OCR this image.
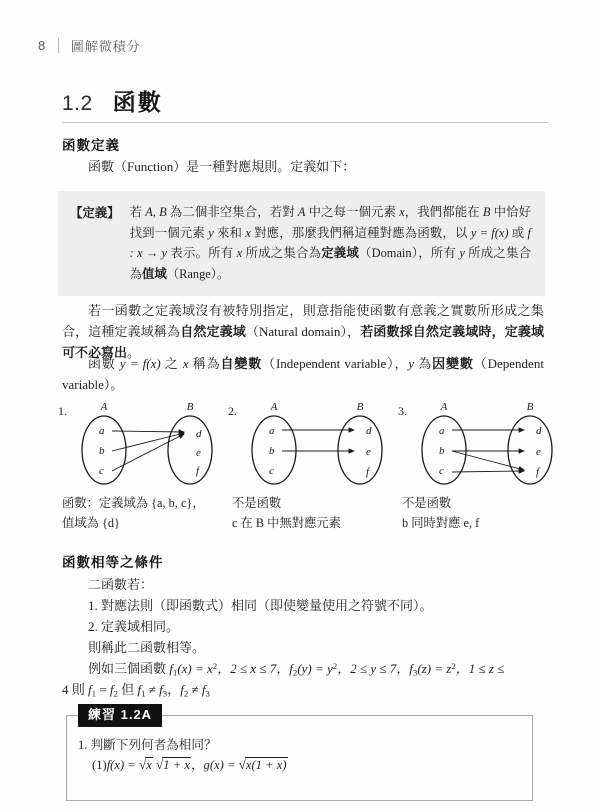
8 圖解微積分
1.2 函數
函數定義
函數（Function）是一種對應規則。定義如下：
【定義】 若 A, B 為二個非空集合，若對 A 中之每一個元素 x，我們都能在 B 中恰好找到一個元素 y 來和 x 對應，那麼我們稱這種對應為函數，以 y = f(x) 或 f : x → y 表示。所有 x 所成之集合為定義域（Domain），所有 y 所成之集合為值域（Range）。
若一函數之定義域沒有被特別指定，則意指能使函數有意義之實數所形成之集合，這種定義域稱為自然定義域（Natural domain），若函數採自然定義域時，定義域可不必寫出。
函數 y = f(x) 之 x 稱為自變數（Independent variable），y 為因變數（Dependent variable）。
1.	A	B
a
b
c
d
e
f
2.	A	B
a
b
c
d
e
f
3.	A	B
a
b
c
d
e
f
函數：定義域為 {a, b, c}，
值域為 {d}
不是函數
c 在 B 中無對應元素
不是函數
b 同時對應 e, f
函數相等之條件
二函數若：
1. 對應法則（即函數式）相同（即使變量使用之符號不同）。
2. 定義域相同。
則稱此二函數相等。
例如三個函數 $f_1(x) = x^2$，2 ≤ x ≤ 7，$f_2(y) = y^2$，2 ≤ y ≤ 7，$f_3(z) = z^2$，1 ≤ z ≤
4 則 $f_1 = f_2$ 但 $f_1 \ne f_3$，$f_2 \ne f_3$
練習 1.2A
1. 判斷下列何者為相同？
(1)f(x) = √x √1 + x，g(x) = √x(1 + x)
